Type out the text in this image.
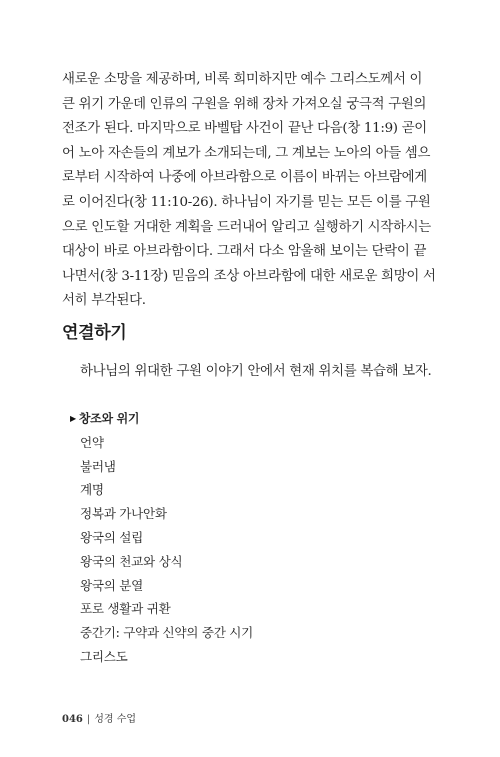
새로운 소망을 제공하며, 비록 희미하지만 예수 그리스도께서 이 큰 위기 가운데 인류의 구원을 위해 장차 가져오실 궁극적 구원의 전조가 된다. 마지막으로 바벨탑 사건이 끝난 다음(창 11:9) 곧이어 노아 자손들의 계보가 소개되는데, 그 계보는 노아의 아들 셈으로부터 시작하여 나중에 아브라함으로 이름이 바뀌는 아브람에게로 이어진다(창 11:10-26). 하나님이 자기를 믿는 모든 이를 구원으로 인도할 거대한 계획을 드러내어 알리고 실행하기 시작하시는 대상이 바로 아브라함이다. 그래서 다소 암울해 보이는 단락이 끝나면서(창 3-11장) 믿음의 조상 아브라함에 대한 새로운 희망이 서서히 부각된다.

연결하기

하나님의 위대한 구원 이야기 안에서 현재 위치를 복습해 보자.

▶ 창조와 위기
언약
불러냄
계명
정복과 가나안화
왕국의 설립
왕국의 천교와 상식
왕국의 분열
포로 생활과 귀환
중간기: 구약과 신약의 중간 시기
그리스도
046 | 성경 수업
